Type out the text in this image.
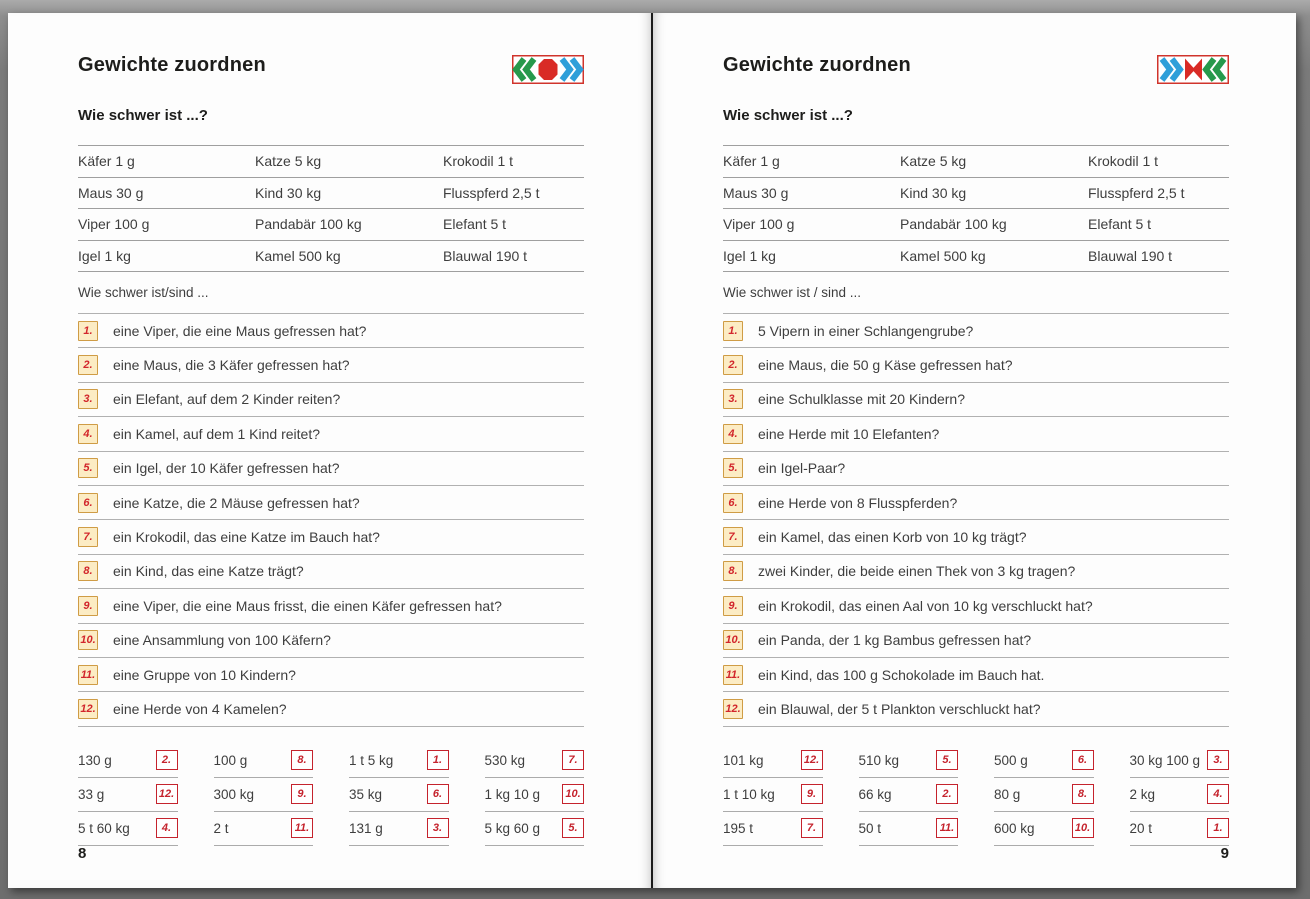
Gewichte zuordnen
Wie schwer ist ...?
Käfer 1 g	Katze 5 kg	Krokodil 1 t
Maus 30 g	Kind 30 kg	Flusspferd 2,5 t
Viper 100 g	Pandabär 100 kg	Elefant 5 t
Igel 1 kg	Kamel 500 kg	Blauwal 190 t
Wie schwer ist/sind ...
1.	eine Viper, die eine Maus gefressen hat?
2.	eine Maus, die 3 Käfer gefressen hat?
3.	ein Elefant, auf dem 2 Kinder reiten?
4.	ein Kamel, auf dem 1 Kind reitet?
5.	ein Igel, der 10 Käfer gefressen hat?
6.	eine Katze, die 2 Mäuse gefressen hat?
7.	ein Krokodil, das eine Katze im Bauch hat?
8.	ein Kind, das eine Katze trägt?
9.	eine Viper, die eine Maus frisst, die einen Käfer gefressen hat?
10. eine Ansammlung von 100 Käfern?
11. eine Gruppe von 10 Kindern?
12. eine Herde von 4 Kamelen?
130 g	2.
33 g	12.
5 t 60 kg	4.
100 g	8.
300 kg	9.
2 t	11.
1 t 5 kg	1.
35 kg	6.
131 g	3.
530 kg	7.
1 kg 10 g	10.
5 kg 60 g	5.
8
Gewichte zuordnen
Wie schwer ist ...?
Käfer 1 g	Katze 5 kg	Krokodil 1 t
Maus 30 g	Kind 30 kg	Flusspferd 2,5 t
Viper 100 g	Pandabär 100 kg	Elefant 5 t
Igel 1 kg	Kamel 500 kg	Blauwal 190 t
Wie schwer ist / sind ...
1.	5 Vipern in einer Schlangengrube?
2.	eine Maus, die 50 g Käse gefressen hat?
3.	eine Schulklasse mit 20 Kindern?
4.	eine Herde mit 10 Elefanten?
5.	ein Igel-Paar?
6.	eine Herde von 8 Flusspferden?
7.	ein Kamel, das einen Korb von 10 kg trägt?
8.	zwei Kinder, die beide einen Thek von 3 kg tragen?
9.	ein Krokodil, das einen Aal von 10 kg verschluckt hat?
10. ein Panda, der 1 kg Bambus gefressen hat?
11. ein Kind, das 100 g Schokolade im Bauch hat.
12. ein Blauwal, der 5 t Plankton verschluckt hat?
101 kg	12.
1 t 10 kg	9.
195 t	7.
510 kg	5.
66 kg	2.
50 t	11.
500 g	6.
80 g	8.
600 kg	10.
30 kg 100 g	3.
2 kg	4.
20 t	1.
9
